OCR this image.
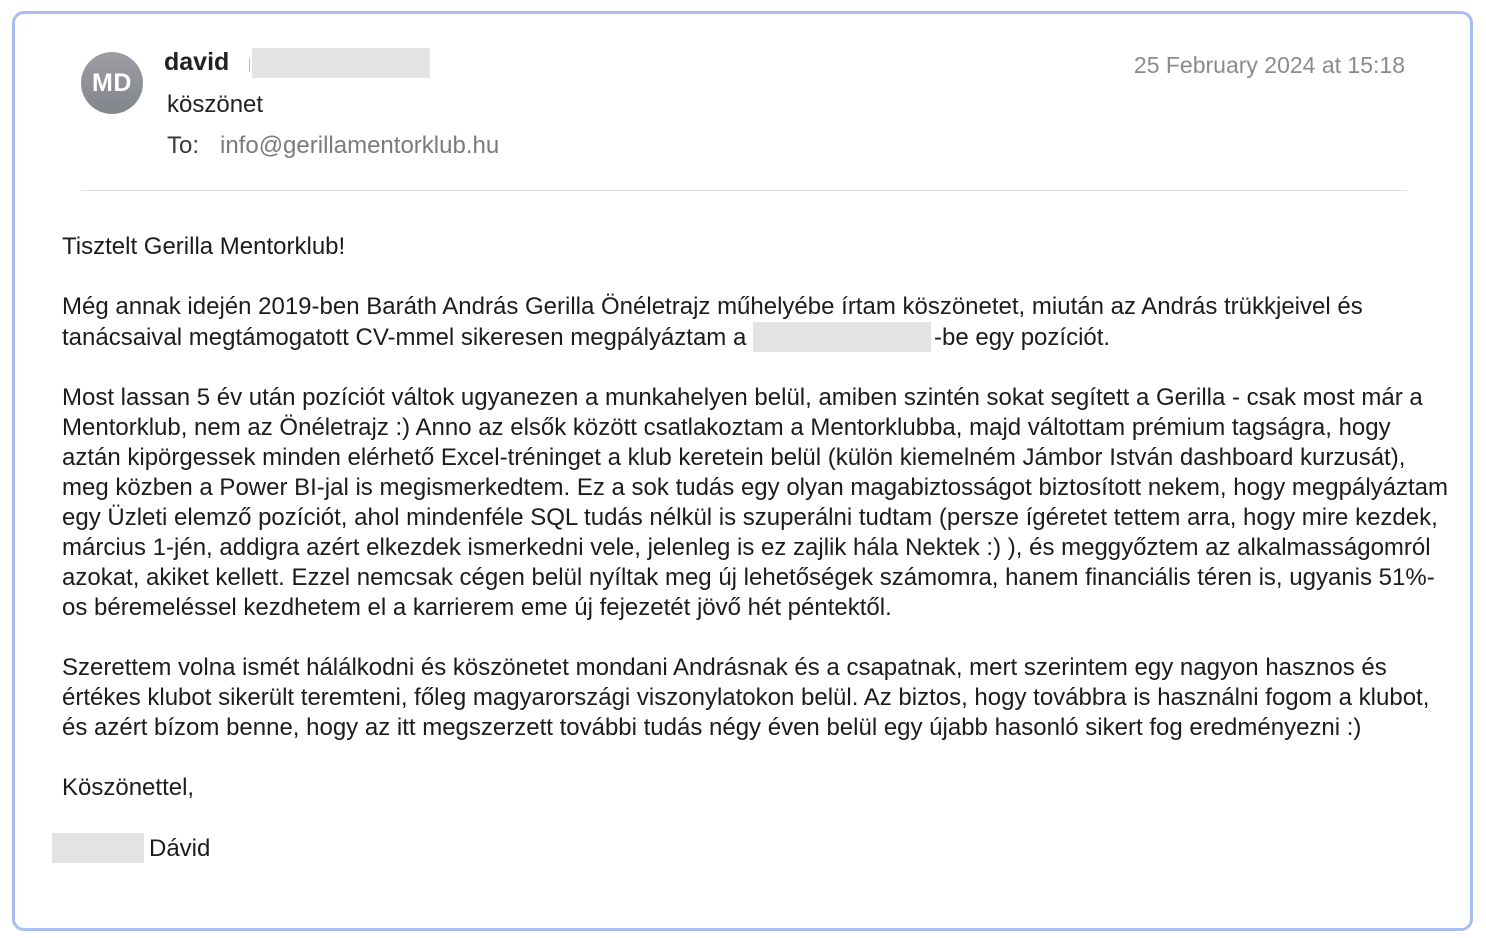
MD
david
köszönet
To: info@gerillamentorklub.hu
25 February 2024 at 15:18

Tisztelt Gerilla Mentorklub!

Még annak idején 2019-ben Baráth András Gerilla Önéletrajz műhelyébe írtam köszönetet, miután az András trükkjeivel és tanácsaival megtámogatott CV-mmel sikeresen megpályáztam a	-be egy pozíciót.

Most lassan 5 év után pozíciót váltok ugyanezen a munkahelyen belül, amiben szintén sokat segített a Gerilla - csak most már a Mentorklub, nem az Önéletrajz :) Anno az elsők között csatlakoztam a Mentorklubba, majd váltottam prémium tagságra, hogy aztán kipörgessek minden elérhető Excel-tréninget a klub keretein belül (külön kiemelném Jámbor István dashboard kurzusát), meg közben a Power BI-jal is megismerkedtem. Ez a sok tudás egy olyan magabiztosságot biztosított nekem, hogy megpályáztam egy Üzleti elemző pozíciót, ahol mindenféle SQL tudás nélkül is szuperálni tudtam (persze ígéretet tettem arra, hogy mire kezdek, március 1-jén, addigra azért elkezdek ismerkedni vele, jelenleg is ez zajlik hála Nektek :) ), és meggyőztem az alkalmasságomról azokat, akiket kellett. Ezzel nemcsak cégen belül nyíltak meg új lehetőségek számomra, hanem financiális téren is, ugyanis 51%-os béremeléssel kezdhetem el a karrierem eme új fejezetét jövő hét péntektől.

Szerettem volna ismét hálálkodni és köszönetet mondani Andrásnak és a csapatnak, mert szerintem egy nagyon hasznos és értékes klubot sikerült teremteni, főleg magyarországi viszonylatokon belül. Az biztos, hogy továbbra is használni fogom a klubot, és azért bízom benne, hogy az itt megszerzett további tudás négy éven belül egy újabb hasonló sikert fog eredményezni :)

Köszönettel,

Dávid
